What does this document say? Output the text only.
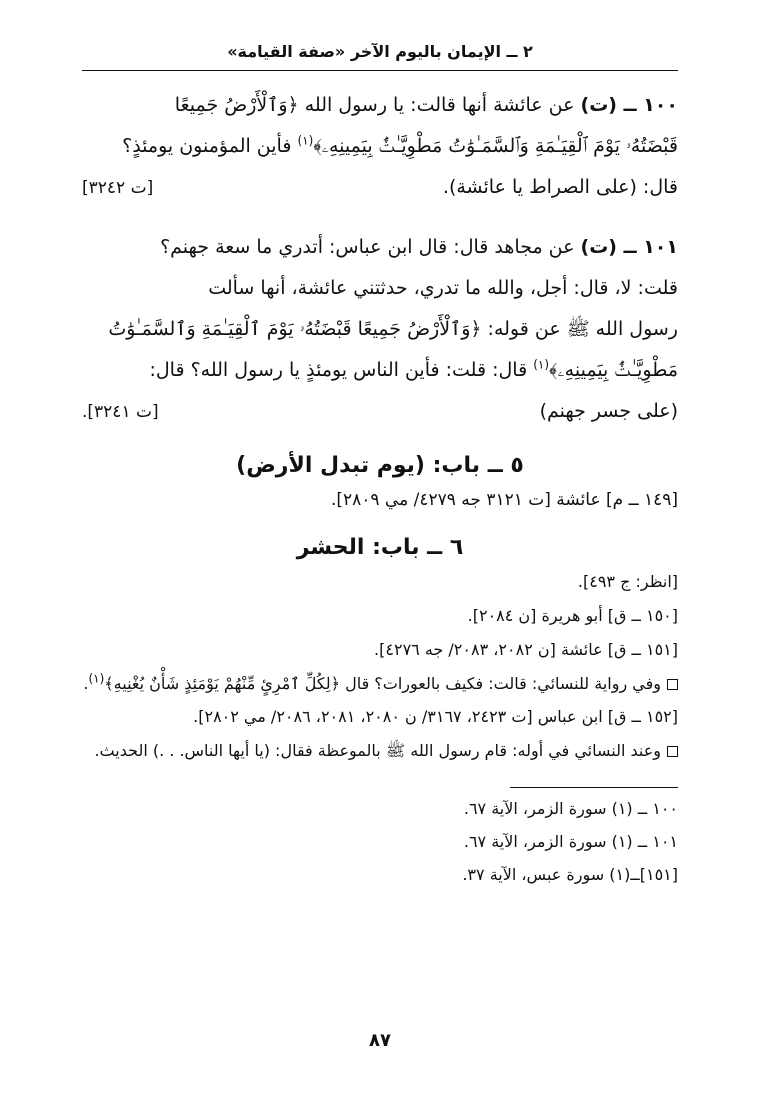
٢ ــ الإيمان باليوم الآخر «صفة القيامة»
١٠٠ ــ (ت) عن عائشة أنها قالت: يا رسول الله ﴿وَٱلْأَرْضُ جَمِيعًا
قَبْضَتُهُۥ يَوْمَ ٱلْقِيَـٰمَةِ وَٱلسَّمَـٰوَٰتُ مَطْوِيَّـٰتٌۢ بِيَمِينِهِۦ﴾$^{(١)}$ فأين المؤمنون يومئذٍ؟
قال: (على الصراط يا عائشة).
[ت ٣٢٤٢]
١٠١ ــ (ت) عن مجاهد قال: قال ابن عباس: أتدري ما سعة جهنم؟
قلت: لا، قال: أجل، والله ما تدري، حدثتني عائشة، أنها سألت
رسول الله ﷺ عن قوله: ﴿وَٱلْأَرْضُ جَمِيعًا قَبْضَتُهُۥ يَوْمَ ٱلْقِيَـٰمَةِ وَٱلسَّمَـٰوَٰتُ
مَطْوِيَّـٰتٌۢ بِيَمِينِهِۦ﴾$^{(١)}$ قال: قلت: فأين الناس يومئذٍ يا رسول الله؟ قال:
(على جسر جهنم)
[ت ٣٢٤١].
٥ ــ باب: (يوم تبدل الأرض)
[١٤٩ ــ م] عائشة [ت ٣١٢١ جه ٤٢٧٩/ مي ٢٨٠٩].
٦ ــ باب: الحشر
[انظر: ج ٤٩٣].
[١٥٠ ــ ق] أبو هريرة [ن ٢٠٨٤].
[١٥١ ــ ق] عائشة [ن ٢٠٨٢، ٢٠٨٣/ جه ٤٢٧٦].
وفي رواية للنسائي: قالت: فكيف بالعورات؟ قال ﴿لِكُلِّ ٱمْرِئٍ مِّنْهُمْ يَوْمَئِذٍ شَأْنٌ يُغْنِيهِ﴾$^{(١)}$.
[١٥٢ ــ ق] ابن عباس [ت ٢٤٢٣، ٣١٦٧/ ن ٢٠٨٠، ٢٠٨١، ٢٠٨٦/ مي ٢٨٠٢].
وعند النسائي في أوله: قام رسول الله ﷺ بالموعظة فقال: (يا أيها الناس. . .) الحديث.
١٠٠ ــ (١) سورة الزمر، الآية ٦٧.
١٠١ ــ (١) سورة الزمر، الآية ٦٧.
[١٥١]ــ(١) سورة عبس، الآية ٣٧.
٨٧
